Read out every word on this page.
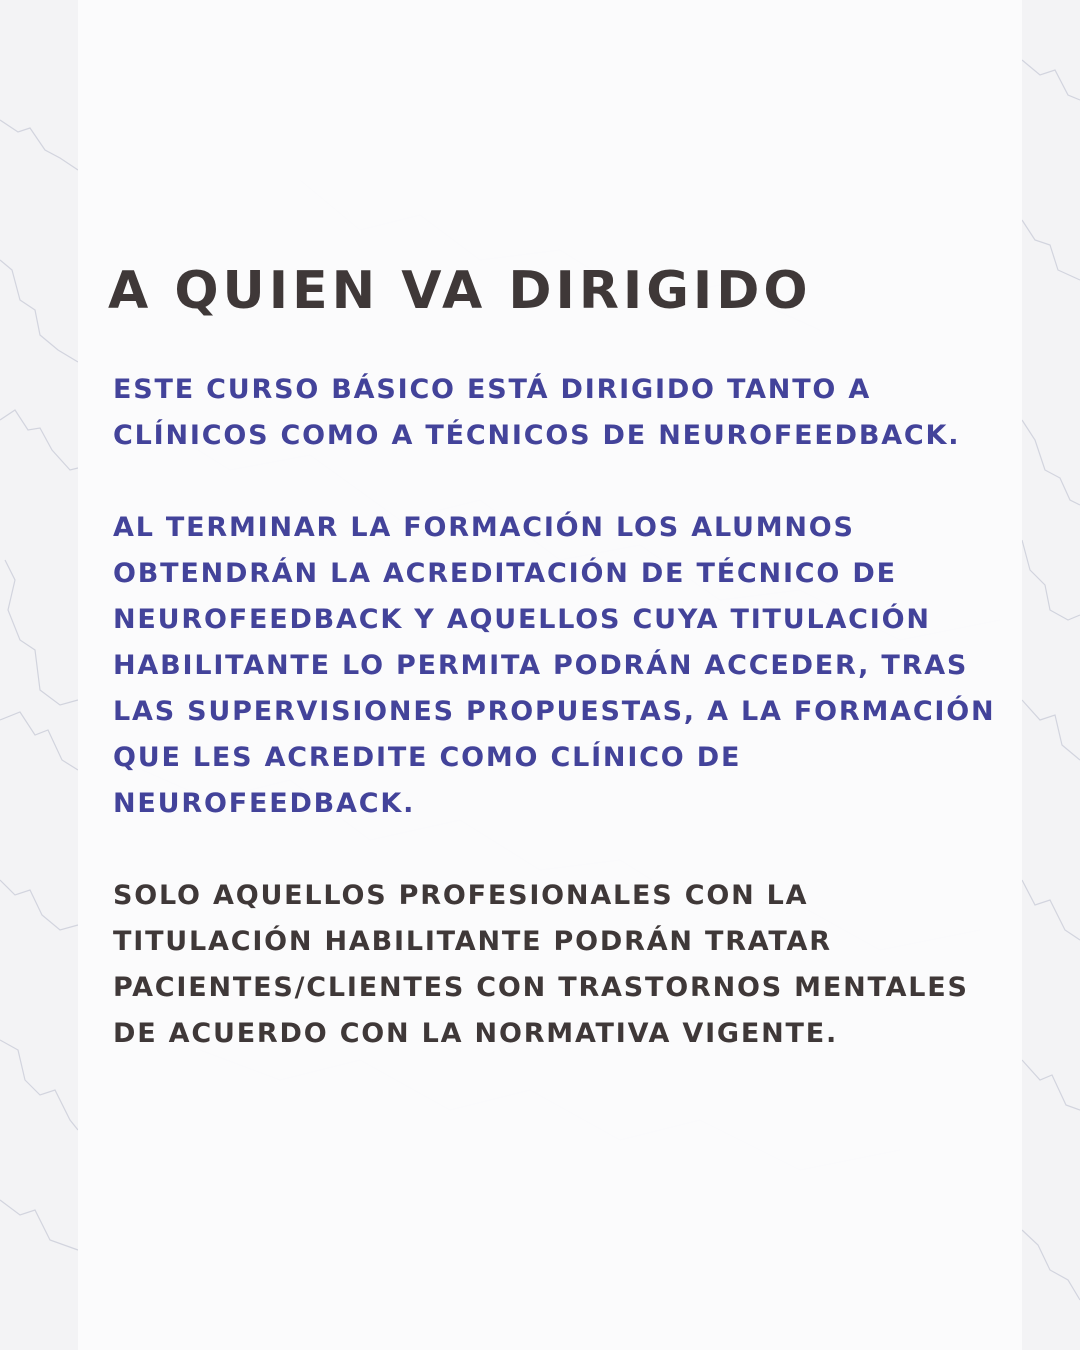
A QUIEN VA DIRIGIDO

ESTE CURSO BÁSICO ESTÁ DIRIGIDO TANTO A
CLÍNICOS COMO A TÉCNICOS DE NEUROFEEDBACK.

AL TERMINAR LA FORMACIÓN LOS ALUMNOS
OBTENDRÁN LA ACREDITACIÓN DE TÉCNICO DE
NEUROFEEDBACK Y AQUELLOS CUYA TITULACIÓN
HABILITANTE LO PERMITA PODRÁN ACCEDER, TRAS
LAS SUPERVISIONES PROPUESTAS, A LA FORMACIÓN
QUE LES ACREDITE COMO CLÍNICO DE
NEUROFEEDBACK.

SOLO AQUELLOS PROFESIONALES CON LA
TITULACIÓN HABILITANTE PODRÁN TRATAR
PACIENTES/CLIENTES CON TRASTORNOS MENTALES
DE ACUERDO CON LA NORMATIVA VIGENTE.
